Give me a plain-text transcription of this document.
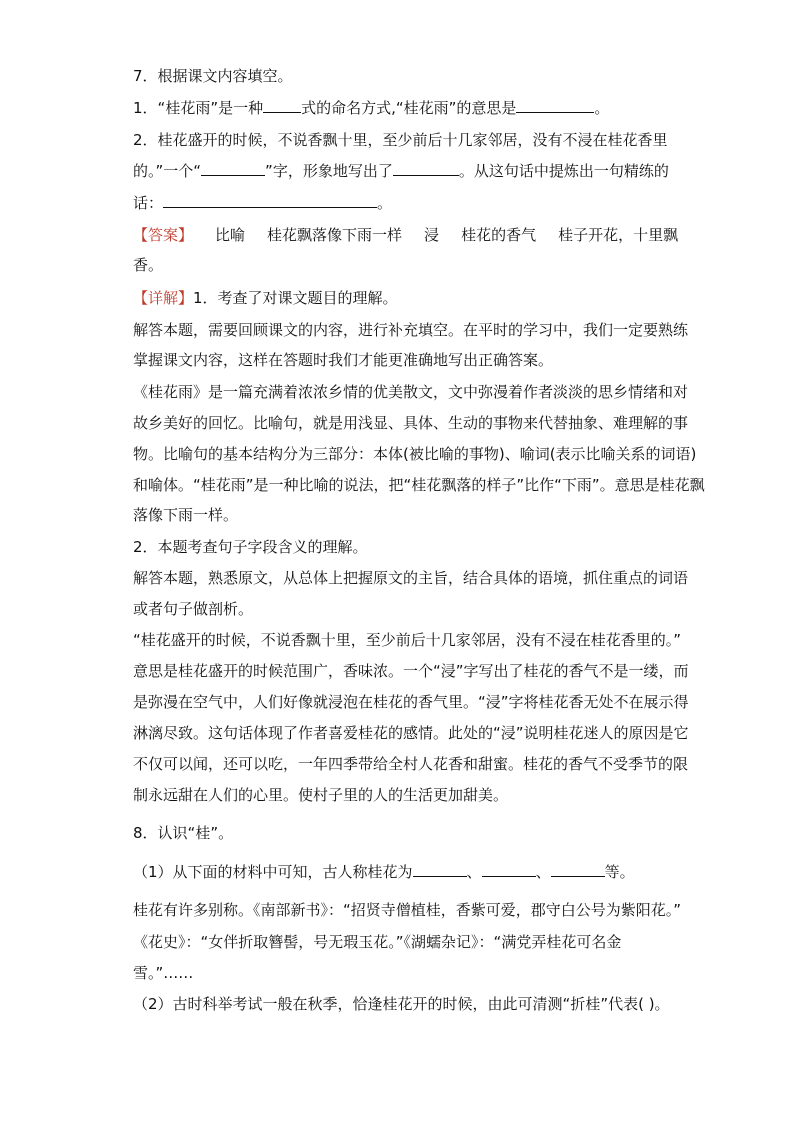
7．根据课文内容填空。
1．“桂花雨”是一种	式的命名方式,“桂花雨”的意思是	。
2．桂花盛开的时候，不说香飘十里，至少前后十几家邻居，没有不浸在桂花香里
的。”一个“	”字，形象地写出了	。从这句话中提炼出一句精练的
话：	。
【答案】 比喻 桂花飘落像下雨一样 浸 桂花的香气 桂子开花，十里飘
香。
【详解】1．考查了对课文题目的理解。
解答本题，需要回顾课文的内容，进行补充填空。在平时的学习中，我们一定要熟练
掌握课文内容，这样在答题时我们才能更准确地写出正确答案。
《桂花雨》是一篇充满着浓浓乡情的优美散文，文中弥漫着作者淡淡的思乡情绪和对
故乡美好的回忆。比喻句，就是用浅显、具体、生动的事物来代替抽象、难理解的事
物。比喻句的基本结构分为三部分：本体(被比喻的事物)、喻词(表示比喻关系的词语)
和喻体。“桂花雨”是一种比喻的说法，把“桂花飘落的样子”比作“下雨”。意思是桂花飘
落像下雨一样。
2．本题考查句子字段含义的理解。
解答本题，熟悉原文，从总体上把握原文的主旨，结合具体的语境，抓住重点的词语
或者句子做剖析。
“桂花盛开的时候，不说香飘十里，至少前后十几家邻居，没有不浸在桂花香里的。”
意思是桂花盛开的时候范围广，香味浓。一个“浸”字写出了桂花的香气不是一缕，而
是弥漫在空气中，人们好像就浸泡在桂花的香气里。“浸”字将桂花香无处不在展示得
淋漓尽致。这句话体现了作者喜爱桂花的感情。此处的“浸”说明桂花迷人的原因是它
不仅可以闻，还可以吃，一年四季带给全村人花香和甜蜜。桂花的香气不受季节的限
制永远甜在人们的心里。使村子里的人的生活更加甜美。
8．认识“桂”。
（1）从下面的材料中可知，古人称桂花为	、	、	等。
桂花有许多别称。《南部新书》：“招贤寺僧植桂，香紫可爱，郡守白公号为紫阳花。”
《花史》：“女伴折取簪髻，号无瑕玉花。”《湖蠕杂记》：“满党弄桂花可名金
雪。”……
（2）古时科举考试一般在秋季，恰逢桂花开的时候，由此可清测“折桂”代表( )。
